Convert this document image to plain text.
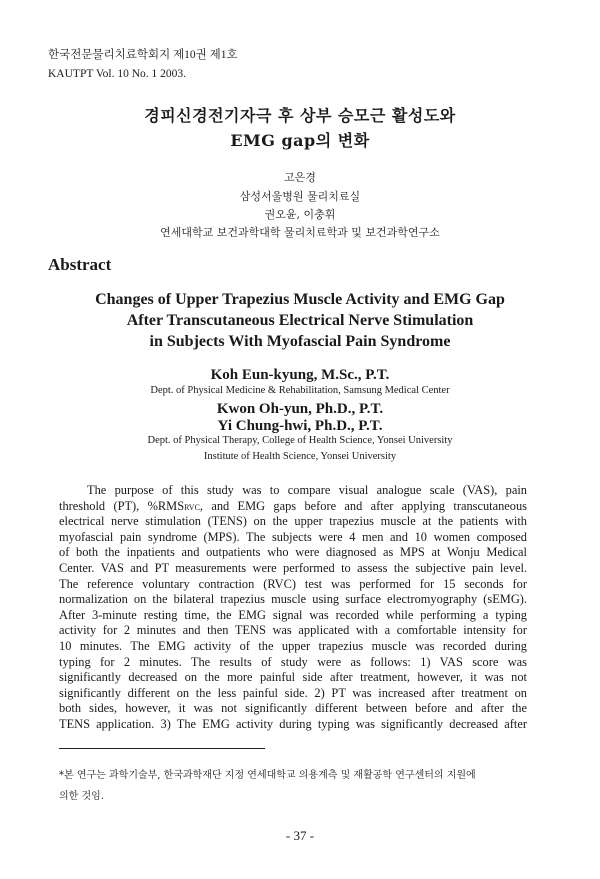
한국전문물리치료학회지 제10권 제1호
KAUTPT Vol. 10 No. 1 2003.
경피신경전기자극 후 상부 승모근 활성도와
EMG gap의 변화
고은경
삼성서울병원 물리치료실
권오윤, 이충휘
연세대학교 보건과학대학 물리치료학과 및 보건과학연구소
Abstract
Changes of Upper Trapezius Muscle Activity and EMG Gap
After Transcutaneous Electrical Nerve Stimulation
in Subjects With Myofascial Pain Syndrome
Koh Eun-kyung, M.Sc., P.T.
Dept. of Physical Medicine & Rehabilitation, Samsung Medical Center
Kwon Oh-yun, Ph.D., P.T.
Yi Chung-hwi, Ph.D., P.T.
Dept. of Physical Therapy, College of Health Science, Yonsei University
Institute of Health Science, Yonsei University
The purpose of this study was to compare visual analogue scale (VAS), pain
threshold (PT), %RMSRVC, and EMG gaps before and after applying transcutaneous
electrical nerve stimulation (TENS) on the upper trapezius muscle at the patients with
myofascial pain syndrome (MPS). The subjects were 4 men and 10 women composed
of both the inpatients and outpatients who were diagnosed as MPS at Wonju Medical
Center. VAS and PT measurements were performed to assess the subjective pain level.
The reference voluntary contraction (RVC) test was performed for 15 seconds for
normalization on the bilateral trapezius muscle using surface electromyography (sEMG).
After 3-minute resting time, the EMG signal was recorded while performing a typing
activity for 2 minutes and then TENS was applicated with a comfortable intensity for
10 minutes. The EMG activity of the upper trapezius muscle was recorded during
typing for 2 minutes. The results of study were as follows: 1) VAS score was
significantly decreased on the more painful side after treatment, however, it was not
significantly different on the less painful side. 2) PT was increased after treatment on
both sides, however, it was not significantly different between before and after the
TENS application. 3) The EMG activity during typing was significantly decreased after
*본 연구는 과학기술부, 한국과학재단 지정 연세대학교 의용계측 및 재활공학 연구센터의 지원에
의한 것임.
- 37 -
